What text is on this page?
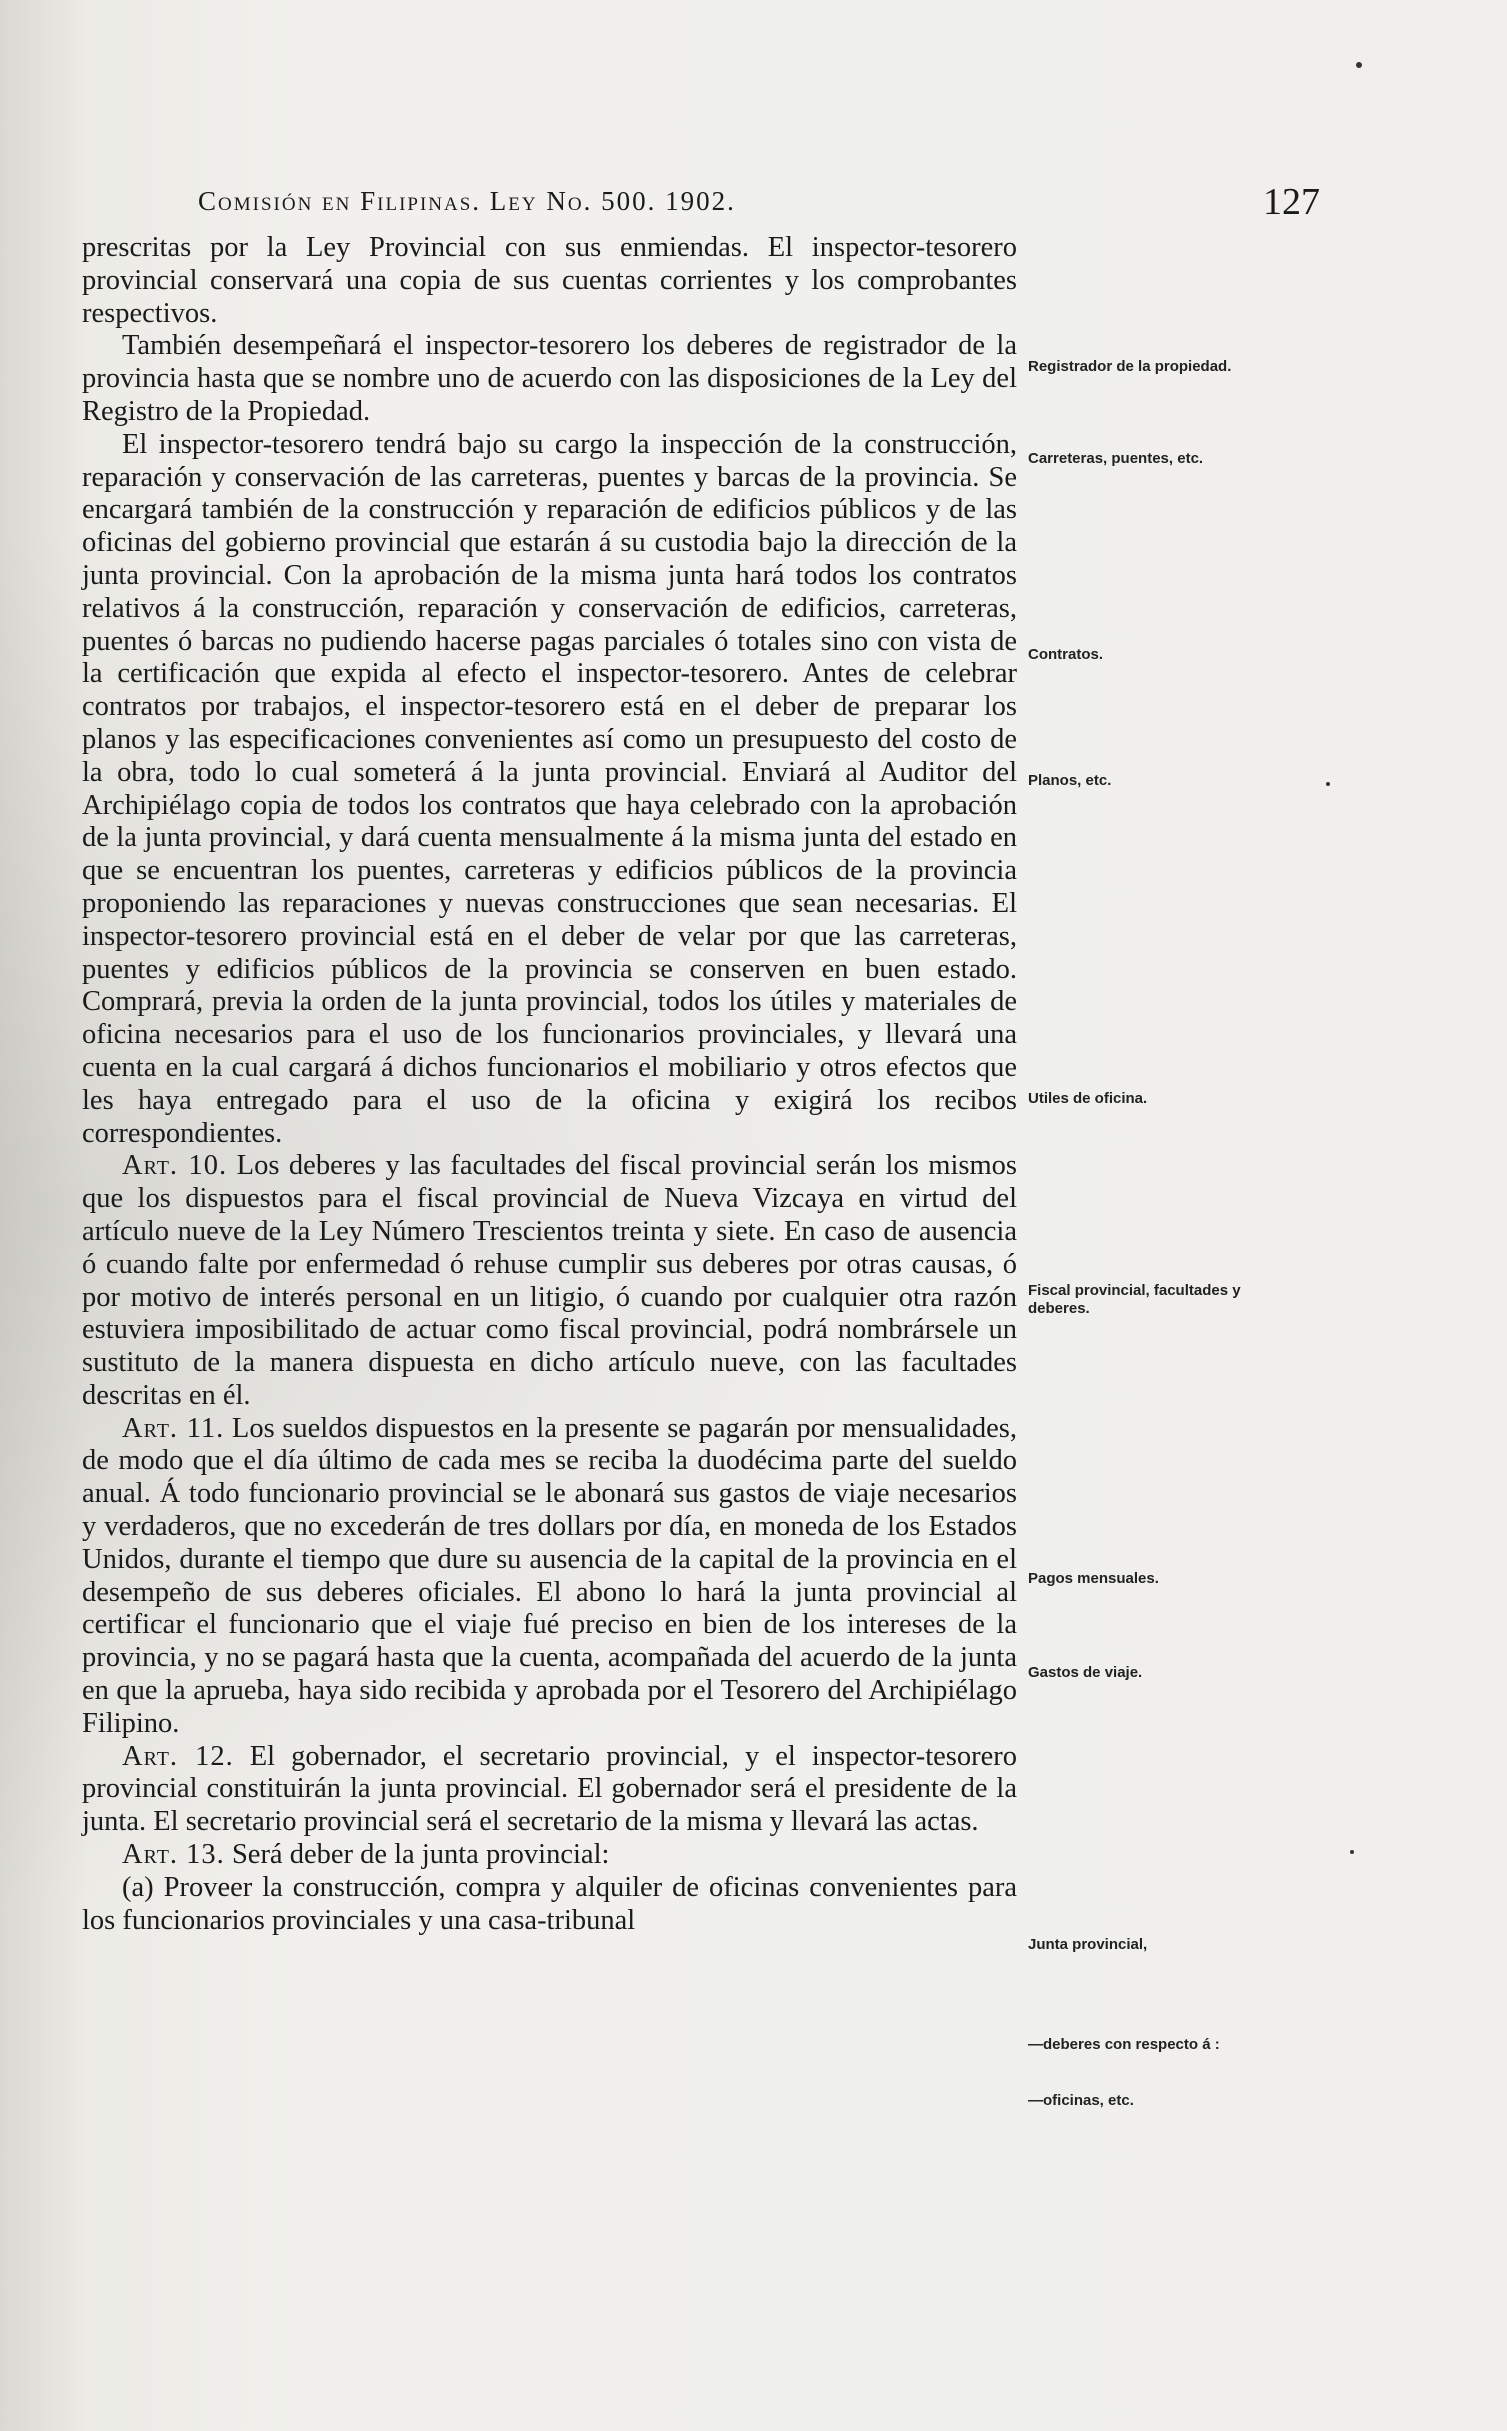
Comisión en Filipinas. Ley No. 500. 1902.	127

prescritas por la Ley Provincial con sus enmiendas. El inspector-tesorero provincial conservará una copia de sus cuentas corrientes y los comprobantes respectivos.

También desempeñará el inspector-tesorero los deberes de registrador de la provincia hasta que se nombre uno de acuerdo con las disposiciones de la Ley del Registro de la Propiedad.

El inspector-tesorero tendrá bajo su cargo la inspección de la construcción, reparación y conservación de las carreteras, puentes y barcas de la provincia. Se encargará también de la construcción y reparación de edificios públicos y de las oficinas del gobierno provincial que estarán á su custodia bajo la dirección de la junta provincial. Con la aprobación de la misma junta hará todos los contratos relativos á la construcción, reparación y conservación de edificios, carreteras, puentes ó barcas no pudiendo hacerse pagas parciales ó totales sino con vista de la certificación que expida al efecto el inspector-tesorero. Antes de celebrar contratos por trabajos, el inspector-tesorero está en el deber de preparar los planos y las especificaciones convenientes así como un presupuesto del costo de la obra, todo lo cual someterá á la junta provincial. Enviará al Auditor del Archipiélago copia de todos los contratos que haya celebrado con la aprobación de la junta provincial, y dará cuenta mensualmente á la misma junta del estado en que se encuentran los puentes, carreteras y edificios públicos de la provincia proponiendo las reparaciones y nuevas construcciones que sean necesarias. El inspector-tesorero provincial está en el deber de velar por que las carreteras, puentes y edificios públicos de la provincia se conserven en buen estado. Comprará, previa la orden de la junta provincial, todos los útiles y materiales de oficina necesarios para el uso de los funcionarios provinciales, y llevará una cuenta en la cual cargará á dichos funcionarios el mobiliario y otros efectos que les haya entregado para el uso de la oficina y exigirá los recibos correspondientes.

Art. 10. Los deberes y las facultades del fiscal provincial serán los mismos que los dispuestos para el fiscal provincial de Nueva Vizcaya en virtud del artículo nueve de la Ley Número Trescientos treinta y siete. En caso de ausencia ó cuando falte por enfermedad ó rehuse cumplir sus deberes por otras causas, ó por motivo de interés personal en un litigio, ó cuando por cualquier otra razón estuviera imposibilitado de actuar como fiscal provincial, podrá nombrársele un sustituto de la manera dispuesta en dicho artículo nueve, con las facultades descritas en él.

Art. 11. Los sueldos dispuestos en la presente se pagarán por mensualidades, de modo que el día último de cada mes se reciba la duodécima parte del sueldo anual. Á todo funcionario provincial se le abonará sus gastos de viaje necesarios y verdaderos, que no excederán de tres dollars por día, en moneda de los Estados Unidos, durante el tiempo que dure su ausencia de la capital de la provincia en el desempeño de sus deberes oficiales. El abono lo hará la junta provincial al certificar el funcionario que el viaje fué preciso en bien de los intereses de la provincia, y no se pagará hasta que la cuenta, acompañada del acuerdo de la junta en que la aprueba, haya sido recibida y aprobada por el Tesorero del Archipiélago Filipino.

Art. 12. El gobernador, el secretario provincial, y el inspector-tesorero provincial constituirán la junta provincial. El gobernador será el presidente de la junta. El secretario provincial será el secretario de la misma y llevará las actas.

Art. 13. Será deber de la junta provincial:

(a) Proveer la construcción, compra y alquiler de oficinas convenientes para los funcionarios provinciales y una casa-tribunal

Registrador de la propiedad.
Carreteras, puentes, etc.
Contratos.
Planos, etc.
Utiles de oficina.
Fiscal provincial, facultades y deberes.
Pagos mensuales.
Gastos de viaje.
Junta provincial,
—deberes con respecto á :
—oficinas, etc.
